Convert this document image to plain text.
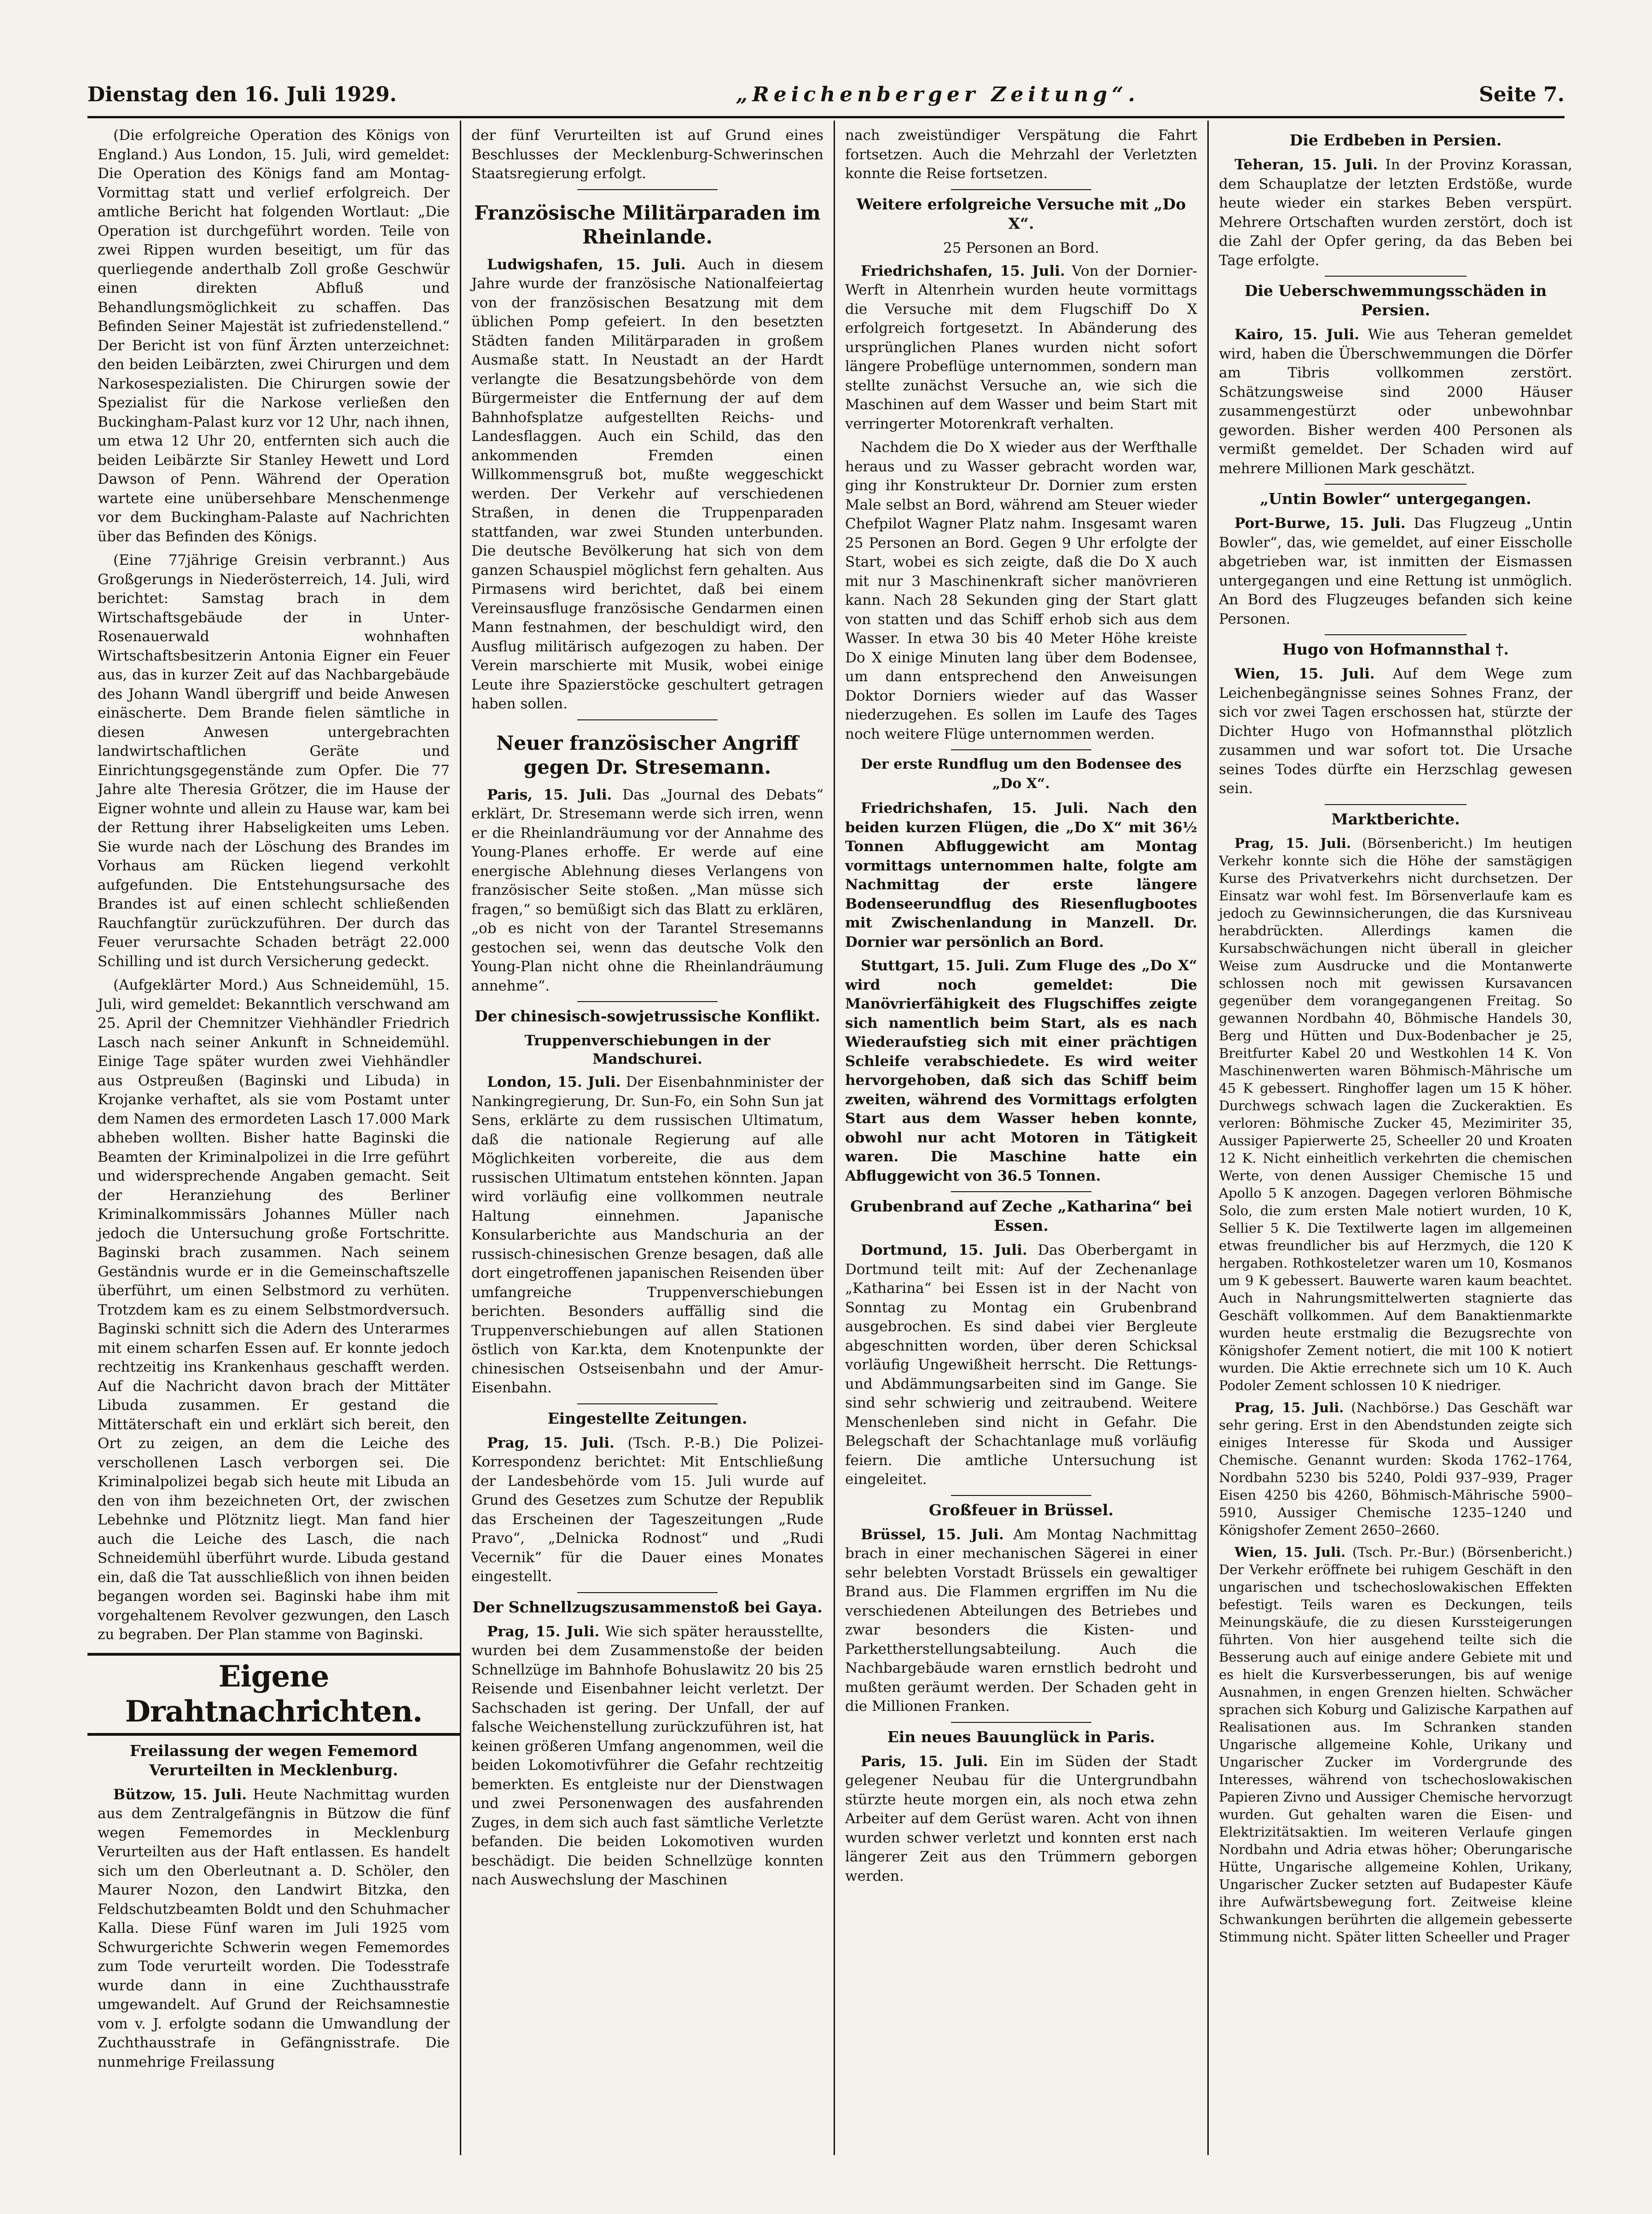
Dienstag den 16. Juli 1929.	„Reichenberger Zeitung“.	Seite 7.

(Die erfolgreiche Operation des Königs von England.) Aus London, 15. Juli, wird gemeldet: Die Operation des Königs fand am Montag-Vormittag statt und verlief erfolgreich. Der amtliche Bericht hat folgenden Wortlaut: „Die Operation ist durchgeführt worden. Teile von zwei Rippen wurden beseitigt, um für das querliegende anderthalb Zoll große Geschwür einen direkten Abfluß und Behandlungsmöglichkeit zu schaffen. Das Befinden Seiner Majestät ist zufriedenstellend.“ Der Bericht ist von fünf Ärzten unterzeichnet: den beiden Leibärzten, zwei Chirurgen und dem Narkosespezialisten. Die Chirurgen sowie der Spezialist für die Narkose verließen den Buckingham-Palast kurz vor 12 Uhr, nach ihnen, um etwa 12 Uhr 20, entfernten sich auch die beiden Leibärzte Sir Stanley Hewett und Lord Dawson of Penn. Während der Operation wartete eine unübersehbare Menschenmenge vor dem Buckingham-Palaste auf Nachrichten über das Befinden des Königs.

(Eine 77jährige Greisin verbrannt.) Aus Großgerungs in Niederösterreich, 14. Juli, wird berichtet: Samstag brach in dem Wirtschaftsgebäude der in Unter-Rosenauerwald wohnhaften Wirtschaftsbesitzerin Antonia Eigner ein Feuer aus, das in kurzer Zeit auf das Nachbargebäude des Johann Wandl übergriff und beide Anwesen einäscherte. Dem Brande fielen sämtliche in diesen Anwesen untergebrachten landwirtschaftlichen Geräte und Einrichtungsgegenstände zum Opfer. Die 77 Jahre alte Theresia Grötzer, die im Hause der Eigner wohnte und allein zu Hause war, kam bei der Rettung ihrer Habseligkeiten ums Leben. Sie wurde nach der Löschung des Brandes im Vorhaus am Rücken liegend verkohlt aufgefunden. Die Entstehungsursache des Brandes ist auf einen schlecht schließenden Rauchfangtür zurückzuführen. Der durch das Feuer verursachte Schaden beträgt 22.000 Schilling und ist durch Versicherung gedeckt.

(Aufgeklärter Mord.) Aus Schneidemühl, 15. Juli, wird gemeldet: Bekanntlich verschwand am 25. April der Chemnitzer Viehhändler Friedrich Lasch nach seiner Ankunft in Schneidemühl. Einige Tage später wurden zwei Viehhändler aus Ostpreußen (Baginski und Libuda) in Krojanke verhaftet, als sie vom Postamt unter dem Namen des ermordeten Lasch 17.000 Mark abheben wollten. Bisher hatte Baginski die Beamten der Kriminalpolizei in die Irre geführt und widersprechende Angaben gemacht. Seit der Heranziehung des Berliner Kriminalkommissärs Johannes Müller nach jedoch die Untersuchung große Fortschritte. Baginski brach zusammen. Nach seinem Geständnis wurde er in die Gemeinschaftszelle überführt, um einen Selbstmord zu verhüten. Trotzdem kam es zu einem Selbstmordversuch. Baginski schnitt sich die Adern des Unterarmes mit einem scharfen Essen auf. Er konnte jedoch rechtzeitig ins Krankenhaus geschafft werden. Auf die Nachricht davon brach der Mittäter Libuda zusammen. Er gestand die Mittäterschaft ein und erklärt sich bereit, den Ort zu zeigen, an dem die Leiche des verschollenen Lasch verborgen sei. Die Kriminalpolizei begab sich heute mit Libuda an den von ihm bezeichneten Ort, der zwischen Lebehnke und Plötznitz liegt. Man fand hier auch die Leiche des Lasch, die nach Schneidemühl überführt wurde. Libuda gestand ein, daß die Tat ausschließlich von ihnen beiden begangen worden sei. Baginski habe ihm mit vorgehaltenem Revolver gezwungen, den Lasch zu begraben. Der Plan stamme von Baginski.

Eigene Drahtnachrichten.
Freilassung der wegen Fememord Verurteilten in Mecklenburg.

Bützow, 15. Juli. Heute Nachmittag wurden aus dem Zentralgefängnis in Bützow die fünf wegen Fememordes in Mecklenburg Verurteilten aus der Haft entlassen. Es handelt sich um den Oberleutnant a. D. Schöler, den Maurer Nozon, den Landwirt Bitzka, den Feldschutzbeamten Boldt und den Schuhmacher Kalla. Diese Fünf waren im Juli 1925 vom Schwurgerichte Schwerin wegen Fememordes zum Tode verurteilt worden. Die Todesstrafe wurde dann in eine Zuchthausstrafe umgewandelt. Auf Grund der Reichsamnestie vom v. J. erfolgte sodann die Umwandlung der Zuchthausstrafe in Gefängnisstrafe. Die nunmehrige Freilassung

der fünf Verurteilten ist auf Grund eines Beschlusses der Mecklenburg-Schwerinschen Staatsregierung erfolgt.

Französische Militärparaden im Rheinlande.

Ludwigshafen, 15. Juli. Auch in diesem Jahre wurde der französische Nationalfeiertag von der französischen Besatzung mit dem üblichen Pomp gefeiert. In den besetzten Städten fanden Militärparaden in großem Ausmaße statt. In Neustadt an der Hardt verlangte die Besatzungsbehörde von dem Bürgermeister die Entfernung der auf dem Bahnhofsplatze aufgestellten Reichs- und Landesflaggen. Auch ein Schild, das den ankommenden Fremden einen Willkommensgruß bot, mußte weggeschickt werden. Der Verkehr auf verschiedenen Straßen, in denen die Truppenparaden stattfanden, war zwei Stunden unterbunden. Die deutsche Bevölkerung hat sich von dem ganzen Schauspiel möglichst fern gehalten. Aus Pirmasens wird berichtet, daß bei einem Vereinsausfluge französische Gendarmen einen Mann festnahmen, der beschuldigt wird, den Ausflug militärisch aufgezogen zu haben. Der Verein marschierte mit Musik, wobei einige Leute ihre Spazierstöcke geschultert getragen haben sollen.

Neuer französischer Angriff gegen Dr. Stresemann.

Paris, 15. Juli. Das „Journal des Debats“ erklärt, Dr. Stresemann werde sich irren, wenn er die Rheinlandräumung vor der Annahme des Young-Planes erhoffe. Er werde auf eine energische Ablehnung dieses Verlangens von französischer Seite stoßen. „Man müsse sich fragen,“ so bemüßigt sich das Blatt zu erklären, „ob es nicht von der Tarantel Stresemanns gestochen sei, wenn das deutsche Volk den Young-Plan nicht ohne die Rheinlandräumung annehme“.

Der chinesisch-sowjetrussische Konflikt.
Truppenverschiebungen in der Mandschurei.

London, 15. Juli. Der Eisenbahnminister der Nankingregierung, Dr. Sun-Fo, ein Sohn Sun jat Sens, erklärte zu dem russischen Ultimatum, daß die nationale Regierung auf alle Möglichkeiten vorbereite, die aus dem russischen Ultimatum entstehen könnten. Japan wird vorläufig eine vollkommen neutrale Haltung einnehmen. Japanische Konsularberichte aus Mandschuria an der russisch-chinesischen Grenze besagen, daß alle dort eingetroffenen japanischen Reisenden über umfangreiche Truppenverschiebungen berichten. Besonders auffällig sind die Truppenverschiebungen auf allen Stationen östlich von Kar.kta, dem Knotenpunkte der chinesischen Ostseisenbahn und der Amur-Eisenbahn.

Eingestellte Zeitungen.

Prag, 15. Juli. (Tsch. P.-B.) Die Polizei-Korrespondenz berichtet: Mit Entschließung der Landesbehörde vom 15. Juli wurde auf Grund des Gesetzes zum Schutze der Republik das Erscheinen der Tageszeitungen „Rude Pravo“, „Delnicka Rodnost“ und „Rudi Vecernik“ für die Dauer eines Monates eingestellt.

Der Schnellzugszusammenstoß bei Gaya.

Prag, 15. Juli. Wie sich später herausstellte, wurden bei dem Zusammenstoße der beiden Schnellzüge im Bahnhofe Bohuslawitz 20 bis 25 Reisende und Eisenbahner leicht verletzt. Der Sachschaden ist gering. Der Unfall, der auf falsche Weichenstellung zurückzuführen ist, hat keinen größeren Umfang angenommen, weil die beiden Lokomotivführer die Gefahr rechtzeitig bemerkten. Es entgleiste nur der Dienstwagen und zwei Personenwagen des ausfahrenden Zuges, in dem sich auch fast sämtliche Verletzte befanden. Die beiden Lokomotiven wurden beschädigt. Die beiden Schnellzüge konnten nach Auswechslung der Maschinen

nach zweistündiger Verspätung die Fahrt fortsetzen. Auch die Mehrzahl der Verletzten konnte die Reise fortsetzen.

Weitere erfolgreiche Versuche mit „Do X“.
25 Personen an Bord.

Friedrichshafen, 15. Juli. Von der Dornier-Werft in Altenrhein wurden heute vormittags die Versuche mit dem Flugschiff Do X erfolgreich fortgesetzt. In Abänderung des ursprünglichen Planes wurden nicht sofort längere Probeflüge unternommen, sondern man stellte zunächst Versuche an, wie sich die Maschinen auf dem Wasser und beim Start mit verringerter Motorenkraft verhalten.

Nachdem die Do X wieder aus der Werfthalle heraus und zu Wasser gebracht worden war, ging ihr Konstrukteur Dr. Dornier zum ersten Male selbst an Bord, während am Steuer wieder Chefpilot Wagner Platz nahm. Insgesamt waren 25 Personen an Bord. Gegen 9 Uhr erfolgte der Start, wobei es sich zeigte, daß die Do X auch mit nur 3 Maschinenkraft sicher manövrieren kann. Nach 28 Sekunden ging der Start glatt von statten und das Schiff erhob sich aus dem Wasser. In etwa 30 bis 40 Meter Höhe kreiste Do X einige Minuten lang über dem Bodensee, um dann entsprechend den Anweisungen Doktor Dorniers wieder auf das Wasser niederzugehen. Es sollen im Laufe des Tages noch weitere Flüge unternommen werden.

Der erste Rundflug um den Bodensee des „Do X“.

Friedrichshafen, 15. Juli. Nach den beiden kurzen Flügen, die „Do X“ mit 36½ Tonnen Abfluggewicht am Montag vormittags unternommen halte, folgte am Nachmittag der erste längere Bodenseerundflug des Riesenflugbootes mit Zwischenlandung in Manzell. Dr. Dornier war persönlich an Bord.

Stuttgart, 15. Juli. Zum Fluge des „Do X“ wird noch gemeldet: Die Manövrierfähigkeit des Flugschiffes zeigte sich namentlich beim Start, als es nach Wiederaufstieg sich mit einer prächtigen Schleife verabschiedete. Es wird weiter hervorgehoben, daß sich das Schiff beim zweiten, während des Vormittags erfolgten Start aus dem Wasser heben konnte, obwohl nur acht Motoren in Tätigkeit waren. Die Maschine hatte ein Abfluggewicht von 36.5 Tonnen.

Grubenbrand auf Zeche „Katharina“ bei Essen.

Dortmund, 15. Juli. Das Oberbergamt in Dortmund teilt mit: Auf der Zechenanlage „Katharina“ bei Essen ist in der Nacht von Sonntag zu Montag ein Grubenbrand ausgebrochen. Es sind dabei vier Bergleute abgeschnitten worden, über deren Schicksal vorläufig Ungewißheit herrscht. Die Rettungs- und Abdämmungsarbeiten sind im Gange. Sie sind sehr schwierig und zeitraubend. Weitere Menschenleben sind nicht in Gefahr. Die Belegschaft der Schachtanlage muß vorläufig feiern. Die amtliche Untersuchung ist eingeleitet.

Großfeuer in Brüssel.

Brüssel, 15. Juli. Am Montag Nachmittag brach in einer mechanischen Sägerei in einer sehr belebten Vorstadt Brüssels ein gewaltiger Brand aus. Die Flammen ergriffen im Nu die verschiedenen Abteilungen des Betriebes und zwar besonders die Kisten- und Parkettherstellungsabteilung. Auch die Nachbargebäude waren ernstlich bedroht und mußten geräumt werden. Der Schaden geht in die Millionen Franken.

Ein neues Bauunglück in Paris.

Paris, 15. Juli. Ein im Süden der Stadt gelegener Neubau für die Untergrundbahn stürzte heute morgen ein, als noch etwa zehn Arbeiter auf dem Gerüst waren. Acht von ihnen wurden schwer verletzt und konnten erst nach längerer Zeit aus den Trümmern geborgen werden.

Die Erdbeben in Persien.

Teheran, 15. Juli. In der Provinz Korassan, dem Schauplatze der letzten Erdstöße, wurde heute wieder ein starkes Beben verspürt. Mehrere Ortschaften wurden zerstört, doch ist die Zahl der Opfer gering, da das Beben bei Tage erfolgte.

Die Ueberschwemmungsschäden in Persien.

Kairo, 15. Juli. Wie aus Teheran gemeldet wird, haben die Überschwemmungen die Dörfer am Tibris vollkommen zerstört. Schätzungsweise sind 2000 Häuser zusammengestürzt oder unbewohnbar geworden. Bisher werden 400 Personen als vermißt gemeldet. Der Schaden wird auf mehrere Millionen Mark geschätzt.

„Untin Bowler“ untergegangen.

Port-Burwe, 15. Juli. Das Flugzeug „Untin Bowler“, das, wie gemeldet, auf einer Eisscholle abgetrieben war, ist inmitten der Eismassen untergegangen und eine Rettung ist unmöglich. An Bord des Flugzeuges befanden sich keine Personen.

Hugo von Hofmannsthal †.

Wien, 15. Juli. Auf dem Wege zum Leichenbegängnisse seines Sohnes Franz, der sich vor zwei Tagen erschossen hat, stürzte der Dichter Hugo von Hofmannsthal plötzlich zusammen und war sofort tot. Die Ursache seines Todes dürfte ein Herzschlag gewesen sein.

Marktberichte.

Prag, 15. Juli. (Börsenbericht.) Im heutigen Verkehr konnte sich die Höhe der samstägigen Kurse des Privatverkehrs nicht durchsetzen. Der Einsatz war wohl fest. Im Börsenverlaufe kam es jedoch zu Gewinnsicherungen, die das Kursniveau herabdrückten. Allerdings kamen die Kursabschwächungen nicht überall in gleicher Weise zum Ausdrucke und die Montanwerte schlossen noch mit gewissen Kursavancen gegenüber dem vorangegangenen Freitag. So gewannen Nordbahn 40, Böhmische Handels 30, Berg und Hütten und Dux-Bodenbacher je 25, Breitfurter Kabel 20 und Westkohlen 14 K. Von Maschinenwerten waren Böhmisch-Mährische um 45 K gebessert. Ringhoffer lagen um 15 K höher. Durchwegs schwach lagen die Zuckeraktien. Es verloren: Böhmische Zucker 45, Mezimiriter 35, Aussiger Papierwerte 25, Scheeller 20 und Kroaten 12 K. Nicht einheitlich verkehrten die chemischen Werte, von denen Aussiger Chemische 15 und Apollo 5 K anzogen. Dagegen verloren Böhmische Solo, die zum ersten Male notiert wurden, 10 K, Sellier 5 K. Die Textilwerte lagen im allgemeinen etwas freundlicher bis auf Herzmych, die 120 K hergaben. Rothkosteletzer waren um 10, Kosmanos um 9 K gebessert. Bauwerte waren kaum beachtet. Auch in Nahrungsmittelwerten stagnierte das Geschäft vollkommen. Auf dem Banaktienmarkte wurden heute erstmalig die Bezugsrechte von Königshofer Zement notiert, die mit 100 K notiert wurden. Die Aktie errechnete sich um 10 K. Auch Podoler Zement schlossen 10 K niedriger.

Prag, 15. Juli. (Nachbörse.) Das Geschäft war sehr gering. Erst in den Abendstunden zeigte sich einiges Interesse für Skoda und Aussiger Chemische. Genannt wurden: Skoda 1762–1764, Nordbahn 5230 bis 5240, Poldi 937–939, Prager Eisen 4250 bis 4260, Böhmisch-Mährische 5900–5910, Aussiger Chemische 1235–1240 und Königshofer Zement 2650–2660.

Wien, 15. Juli. (Tsch. Pr.-Bur.) (Börsenbericht.) Der Verkehr eröffnete bei ruhigem Geschäft in den ungarischen und tschechoslowakischen Effekten befestigt. Teils waren es Deckungen, teils Meinungskäufe, die zu diesen Kurssteigerungen führten. Von hier ausgehend teilte sich die Besserung auch auf einige andere Gebiete mit und es hielt die Kursverbesserungen, bis auf wenige Ausnahmen, in engen Grenzen hielten. Schwächer sprachen sich Koburg und Galizische Karpathen auf Realisationen aus. Im Schranken standen Ungarische allgemeine Kohle, Urikany und Ungarischer Zucker im Vordergrunde des Interesses, während von tschechoslowakischen Papieren Zivno und Aussiger Chemische hervorzugt wurden. Gut gehalten waren die Eisen- und Elektrizitätsaktien. Im weiteren Verlaufe gingen Nordbahn und Adria etwas höher; Oberungarische Hütte, Ungarische allgemeine Kohlen, Urikany, Ungarischer Zucker setzten auf Budapester Käufe ihre Aufwärtsbewegung fort. Zeitweise kleine Schwankungen berührten die allgemein gebesserte Stimmung nicht. Später litten Scheeller und Prager
